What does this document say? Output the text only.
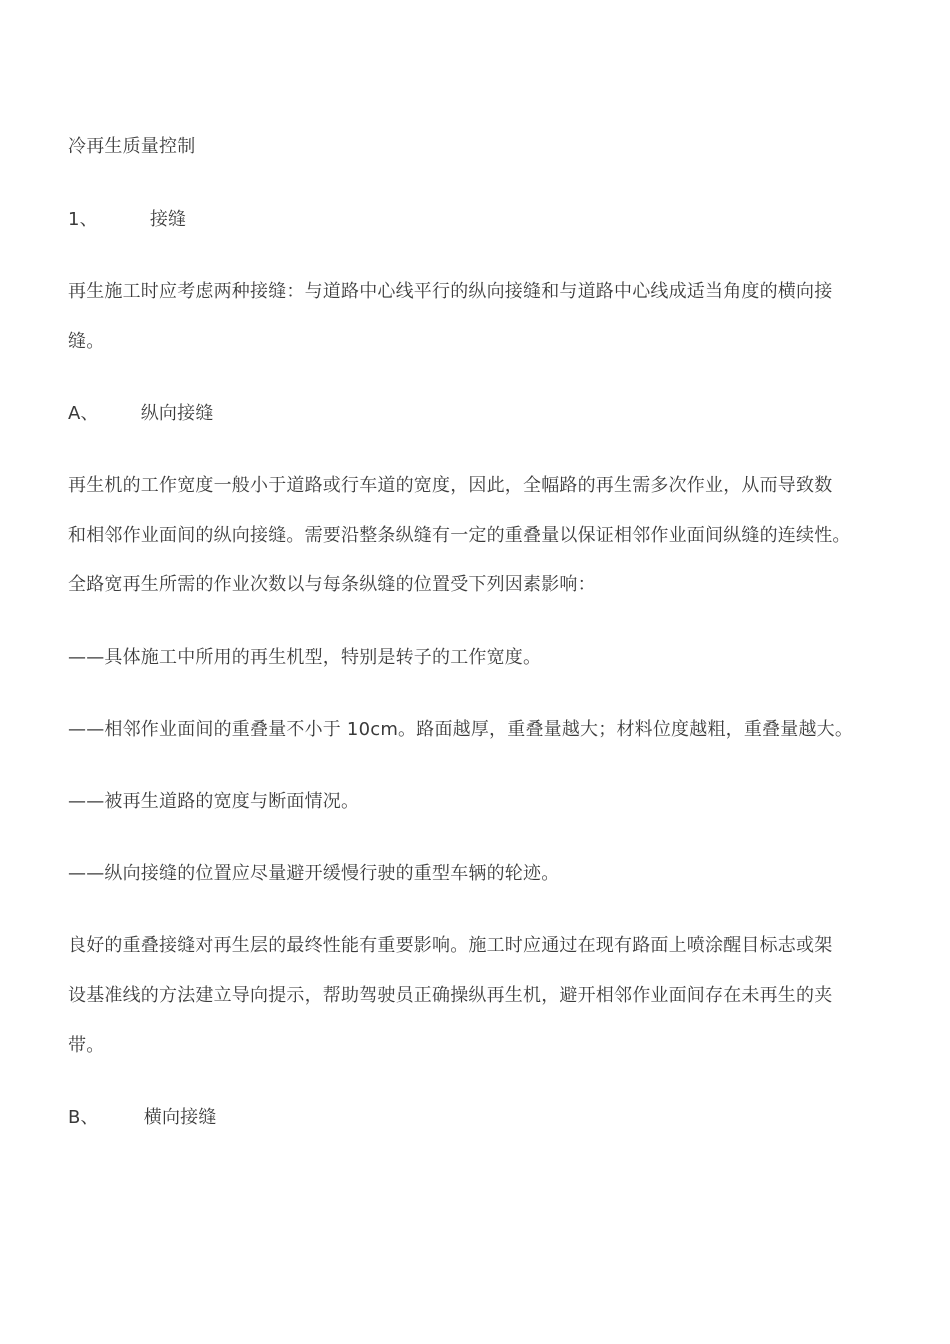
冷再生质量控制
1、	接缝
再生施工时应考虑两种接缝：与道路中心线平行的纵向接缝和与道路中心线成适当角度的横向接
缝。
A、 纵向接缝
再生机的工作宽度一般小于道路或行车道的宽度，因此，全幅路的再生需多次作业，从而导致数
和相邻作业面间的纵向接缝。需要沿整条纵缝有一定的重叠量以保证相邻作业面间纵缝的连续性。
全路宽再生所需的作业次数以与每条纵缝的位置受下列因素影响：
——具体施工中所用的再生机型，特别是转子的工作宽度。
——相邻作业面间的重叠量不小于 10cm。路面越厚，重叠量越大；材料位度越粗，重叠量越大。
——被再生道路的宽度与断面情况。
——纵向接缝的位置应尽量避开缓慢行驶的重型车辆的轮迹。
良好的重叠接缝对再生层的最终性能有重要影响。施工时应通过在现有路面上喷涂醒目标志或架
设基准线的方法建立导向提示，帮助驾驶员正确操纵再生机，避开相邻作业面间存在未再生的夹
带。
B、	横向接缝
